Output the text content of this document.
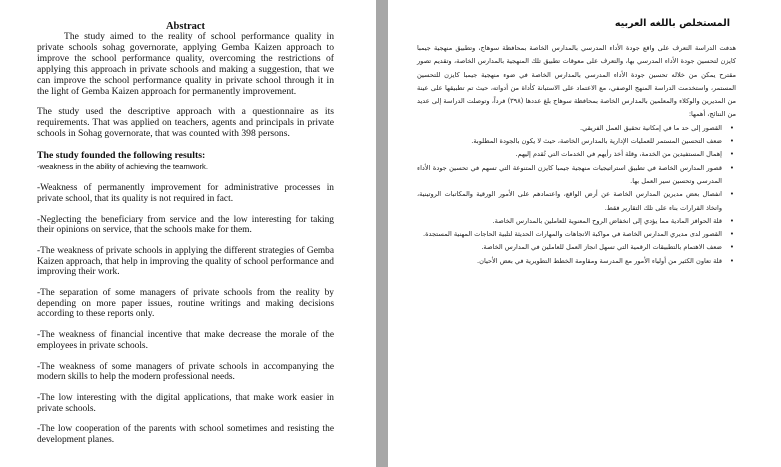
Abstract

The study aimed to the reality of school performance quality in private schools sohag governorate, applying Gemba Kaizen approach to improve the school performance quality, overcoming the restrictions of applying this approach in private schools and making a suggestion, that we can improve the school performance quality in private school through it in the light of Gemba Kaizen approach for permanently improvement.

The study used the descriptive approach with a questionnaire as its requirements. That was applied on teachers, agents and principals in private schools in Sohag governorate, that was counted with 398 persons.

The study founded the following results:

-weakness in the ability of achieving the teamwork.

-Weakness of permanently improvement for administrative processes in private school, that its quality is not required in fact.
-Neglecting the beneficiary from service and the low interesting for taking their opinions on service, that the schools make for them.
-The weakness of private schools in applying the different strategies of Gemba Kaizen approach, that help in improving the quality of school performance and improving their work.
-The separation of some managers of private schools from the reality by depending on more paper issues, routine writings and making decisions according to these reports only.
-The weakness of financial incentive that make decrease the morale of the employees in private schools.
-The weakness of some managers of private schools in accompanying the modern skills to help the modern professional needs.
-The low interesting with the digital applications, that make work easier in private schools.
-The low cooperation of the parents with school sometimes and resisting the development planes.

المستخلص باللغه العربيه

هدفت الدراسة التعرف على واقع جودة الأداء المدرسي بالمدارس الخاصة بمحافظة سوهاج، وتطبيق منهجية جيمبا كايزن لتحسين جودة الأداء المدرسي بها، والتعرف على معوقات تطبيق تلك المنهجية بالمدارس الخاصة، وتقديم تصور مقترح يمكن من خلاله تحسين جودة الأداء المدرسي بالمدارس الخاصة في ضوء منهجية جيمبا كايزن للتحسين المستمر، واستخدمت الدراسة المنهج الوصفي، مع الاعتماد على الاستبانة كأداة من أدواته، حيث تم تطبيقها على عينة من المديرين والوكلاء والمعلمين بالمدارس الخاصة بمحافظة سوهاج بلغ عددها (٣٩٨) فرداً، وتوصلت الدراسة إلى عديد من النتائج، أهمها:

•
القصور إلى حد ما في إمكانية تحقيق العمل الفريقي.
•
ضعف التحسين المستمر للعمليات الإدارية بالمدارس الخاصة، حيث لا يكون بالجودة المطلوبة.
•
إهمال المستفيدين من الخدمة، وقلة أخذ رأيهم في الخدمات التي تُقدم إليهم.
•
قصور المدارس الخاصة في تطبيق استراتيجيات منهجية جيمبا كايزن المتنوعة التي تسهم في تحسين جودة الأداء المدرسي وتحسين سير العمل بها.
•
انفصال بعض مديرين المدارس الخاصة عن أرض الواقع، واعتمادهم على الأمور الورقية والمكاتبات الروتينية، واتخاذ القرارات بناء على تلك التقارير فقط.
•
قلة الحوافز المادية مما يؤدي إلى انخفاض الروح المعنوية للعاملين بالمدارس الخاصة.
•
القصور لدى مديري المدارس الخاصة في مواكبة الاتجاهات والمهارات الحديثة لتلبية الحاجات المهنية المستجدة.
•
ضعف الاهتمام بالتطبيقات الرقمية التي تسهل انجاز العمل للعاملين في المدارس الخاصة.
•
قلة تعاون الكثير من أولياء الأمور مع المدرسة ومقاومة الخطط التطويرية في بعض الأحيان.
